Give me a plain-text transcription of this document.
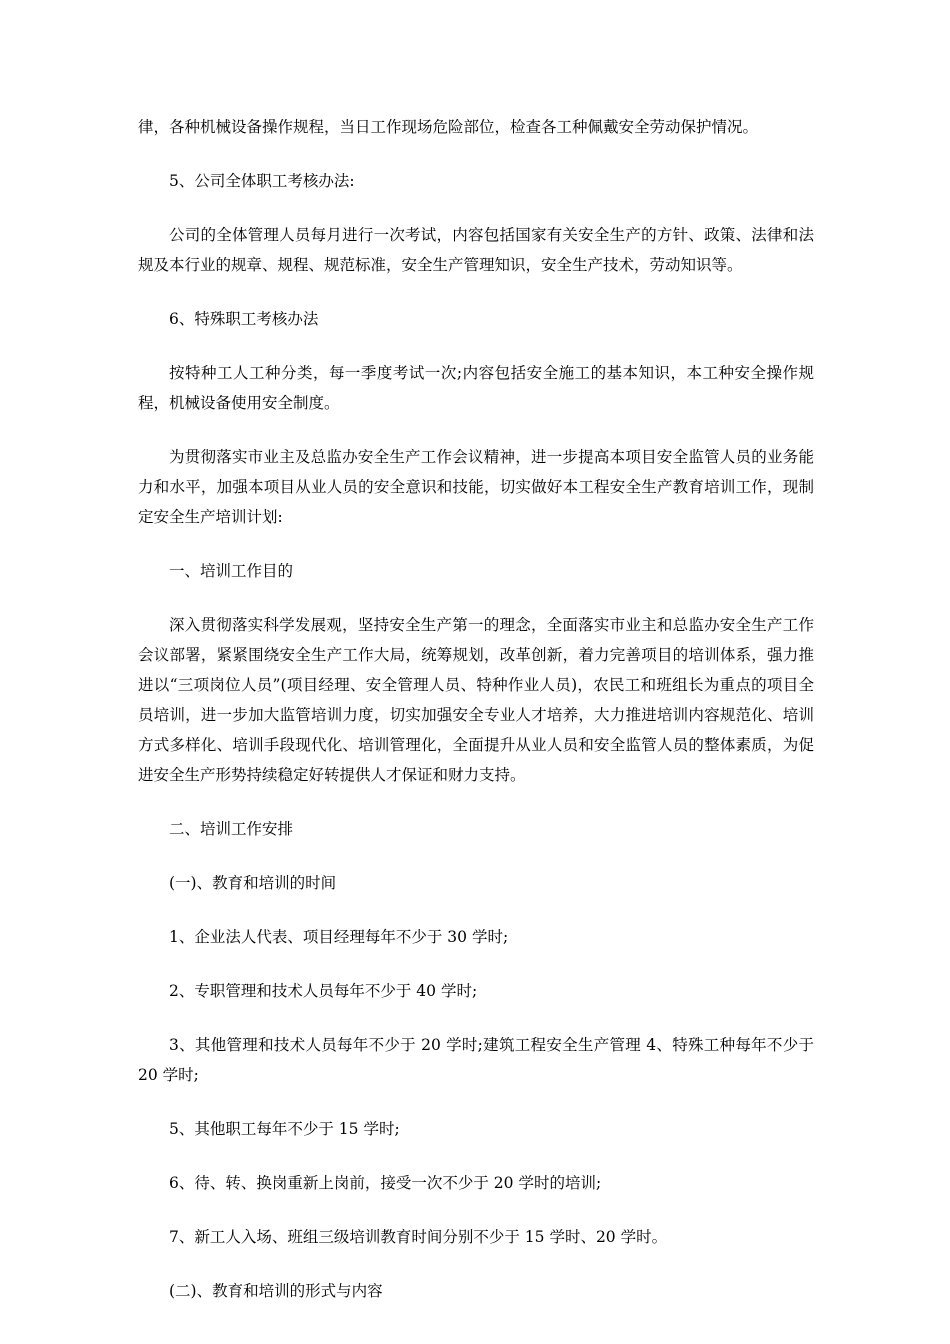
律，各种机械设备操作规程，当日工作现场危险部位，检查各工种佩戴安全劳动保护情况。

5、公司全体职工考核办法:

公司的全体管理人员每月进行一次考试，内容包括国家有关安全生产的方针、政策、法律和法规及本行业的规章、规程、规范标准，安全生产管理知识，安全生产技术，劳动知识等。

6、特殊职工考核办法

按特种工人工种分类，每一季度考试一次;内容包括安全施工的基本知识，本工种安全操作规程，机械设备使用安全制度。

为贯彻落实市业主及总监办安全生产工作会议精神，进一步提高本项目安全监管人员的业务能力和水平，加强本项目从业人员的安全意识和技能，切实做好本工程安全生产教育培训工作，现制定安全生产培训计划:

一、培训工作目的

深入贯彻落实科学发展观，坚持安全生产第一的理念，全面落实市业主和总监办安全生产工作会议部署，紧紧围绕安全生产工作大局，统筹规划，改革创新，着力完善项目的培训体系，强力推进以“三项岗位人员”(项目经理、安全管理人员、特种作业人员)，农民工和班组长为重点的项目全员培训，进一步加大监管培训力度，切实加强安全专业人才培养，大力推进培训内容规范化、培训方式多样化、培训手段现代化、培训管理化，全面提升从业人员和安全监管人员的整体素质，为促进安全生产形势持续稳定好转提供人才保证和财力支持。

二、培训工作安排

(一)、教育和培训的时间

1、企业法人代表、项目经理每年不少于 30 学时;

2、专职管理和技术人员每年不少于 40 学时;

3、其他管理和技术人员每年不少于 20 学时;建筑工程安全生产管理 4、特殊工种每年不少于 20 学时;

5、其他职工每年不少于 15 学时;

6、待、转、换岗重新上岗前，接受一次不少于 20 学时的培训;

7、新工人入场、班组三级培训教育时间分别不少于 15 学时、20 学时。

(二)、教育和培训的形式与内容
